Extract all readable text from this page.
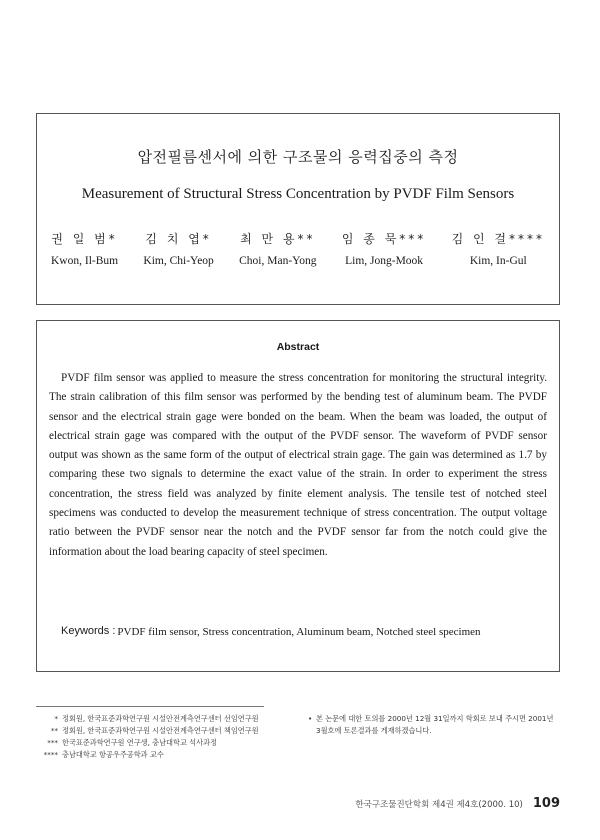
압전필름센서에 의한 구조물의 응력집중의 측정
Measurement of Structural Stress Concentration by PVDF Film Sensors
권 일 범*
Kwon, Il-Bum
김 치 엽*
Kim, Chi-Yeop
최 만 용**
Choi, Man-Yong
임 종 묵***
Lim, Jong-Mook
김 인 걸****
Kim, In-Gul
Abstract

PVDF film sensor was applied to measure the stress concentration for monitoring the structural integrity. The strain calibration of this film sensor was performed by the bending test of aluminum beam. The PVDF sensor and the electrical strain gage were bonded on the beam. When the beam was loaded, the output of electrical strain gage was compared with the output of the PVDF sensor. The waveform of PVDF sensor output was shown as the same form of the output of electrical strain gage. The gain was determined as 1.7 by comparing these two signals to determine the exact value of the strain. In order to experiment the stress concentration, the stress field was analyzed by finite element analysis. The tensile test of notched steel specimens was conducted to develop the measurement technique of stress concentration. The output voltage ratio between the PVDF sensor near the notch and the PVDF sensor far from the notch could give the information about the load bearing capacity of steel specimen.

Keywords : PVDF film sensor, Stress concentration, Aluminum beam, Notched steel specimen
* 정회원, 한국표준과학연구원 시설안전계측연구센터 선임연구원
** 정회원, 한국표준과학연구원 시설안전계측연구센터 책임연구원
*** 한국표준과학연구원 연구생, 충남대학교 석사과정
**** 충남대학교 항공우주공학과 교수
• 본 논문에 대한 토의를 2000년 12월 31일까지 학회로 보내 주시면 2001년 3월호에 토론결과를 게재하겠습니다.
한국구조물진단학회 제4권 제4호(2000. 10) 109
